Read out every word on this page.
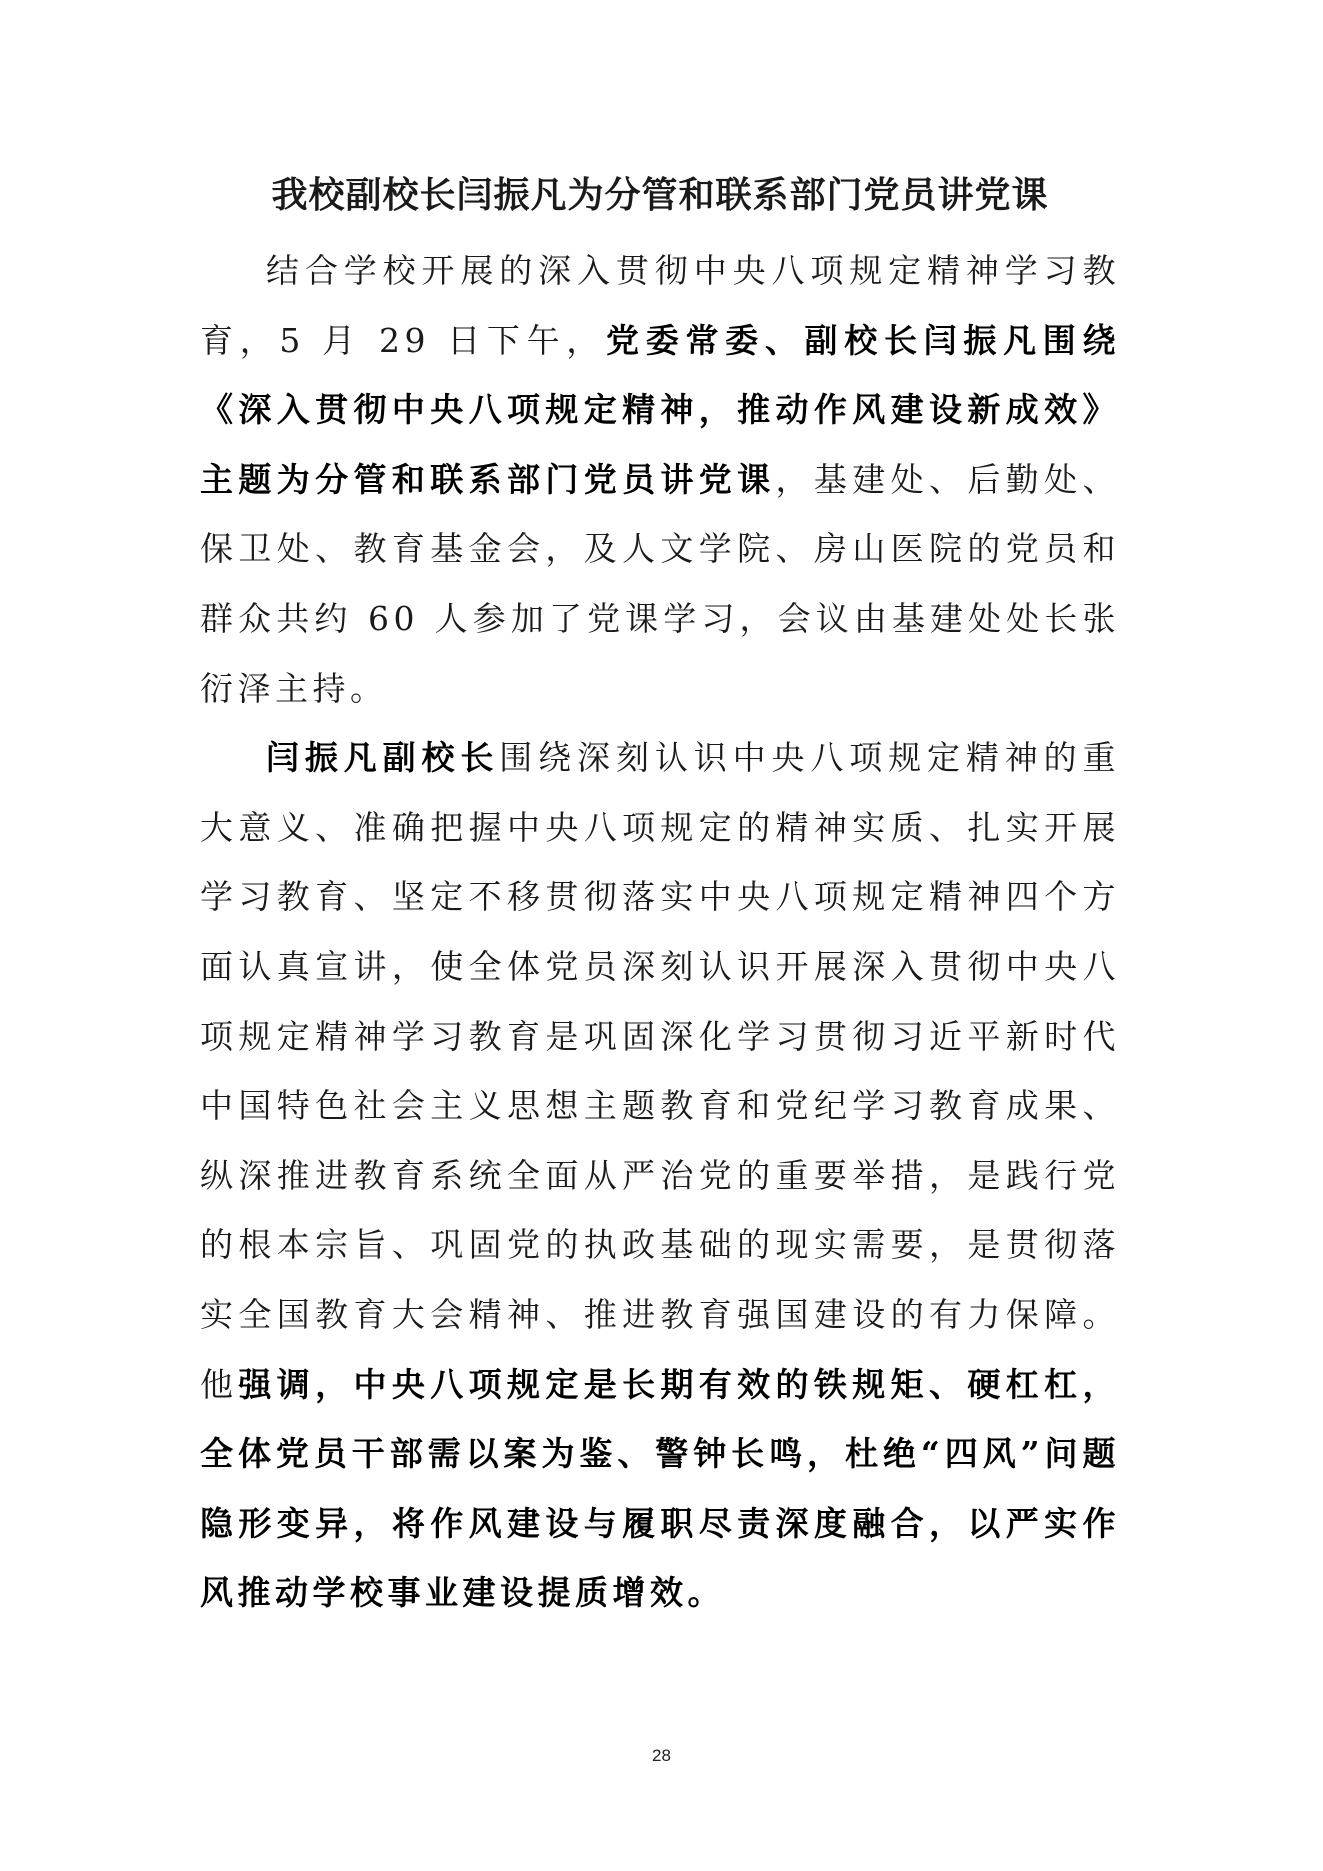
我校副校长闫振凡为分管和联系部门党员讲党课

结合学校开展的深入贯彻中央八项规定精神学习教育，5 月 29 日下午，党委常委、副校长闫振凡围绕《深入贯彻中央八项规定精神，推动作风建设新成效》主题为分管和联系部门党员讲党课，基建处、后勤处、保卫处、教育基金会，及人文学院、房山医院的党员和群众共约 60 人参加了党课学习，会议由基建处处长张衍泽主持。

闫振凡副校长围绕深刻认识中央八项规定精神的重大意义、准确把握中央八项规定的精神实质、扎实开展学习教育、坚定不移贯彻落实中央八项规定精神四个方面认真宣讲，使全体党员深刻认识开展深入贯彻中央八项规定精神学习教育是巩固深化学习贯彻习近平新时代中国特色社会主义思想主题教育和党纪学习教育成果、纵深推进教育系统全面从严治党的重要举措，是践行党的根本宗旨、巩固党的执政基础的现实需要，是贯彻落实全国教育大会精神、推进教育强国建设的有力保障。他强调，中央八项规定是长期有效的铁规矩、硬杠杠，全体党员干部需以案为鉴、警钟长鸣，杜绝“四风”问题隐形变异，将作风建设与履职尽责深度融合，以严实作风推动学校事业建设提质增效。

28
